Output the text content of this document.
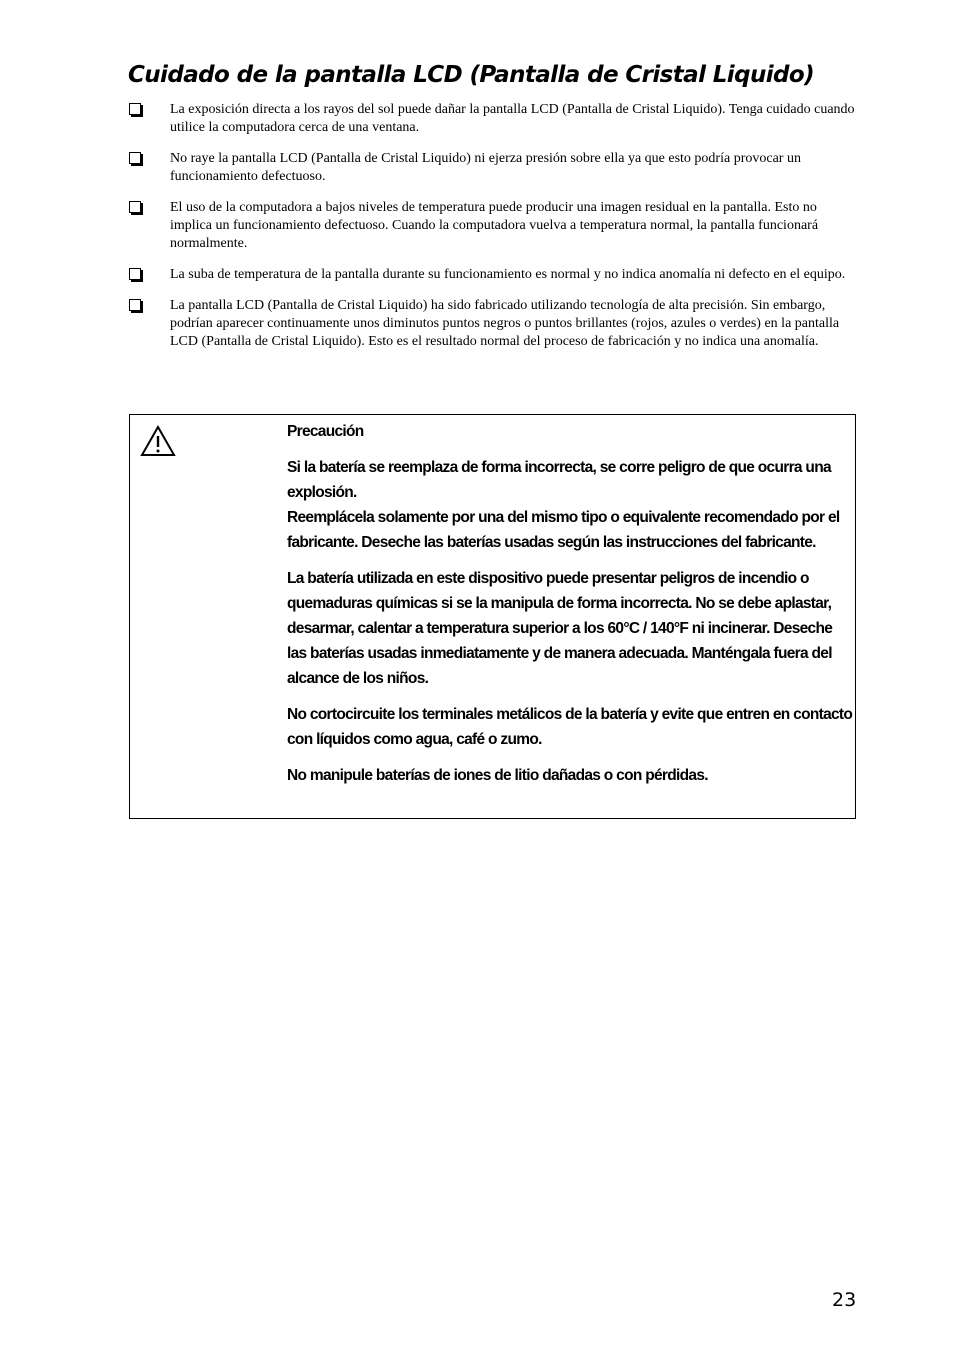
Cuidado de la pantalla LCD (Pantalla de Cristal Liquido)
La exposición directa a los rayos del sol puede dañar la pantalla LCD (Pantalla de Cristal Liquido). Tenga cuidado cuando utilice la computadora cerca de una ventana.
No raye la pantalla LCD (Pantalla de Cristal Liquido) ni ejerza presión sobre ella ya que esto podría provocar un funcionamiento defectuoso.
El uso de la computadora a bajos niveles de temperatura puede producir una imagen residual en la pantalla. Esto no implica un funcionamiento defectuoso. Cuando la computadora vuelva a temperatura normal, la pantalla funcionará normalmente.
La suba de temperatura de la pantalla durante su funcionamiento es normal y no indica anomalía ni defecto en el equipo.
La pantalla LCD (Pantalla de Cristal Liquido) ha sido fabricado utilizando tecnología de alta precisión. Sin embargo, podrían aparecer continuamente unos diminutos puntos negros o puntos brillantes (rojos, azules o verdes) en la pantalla LCD (Pantalla de Cristal Liquido). Esto es el resultado normal del proceso de fabricación y no indica una anomalía.

Precaución

Si la batería se reemplaza de forma incorrecta, se corre peligro de que ocurra una explosión.

Reemplácela solamente por una del mismo tipo o equivalente recomendado por el fabricante. Deseche las baterías usadas según las instrucciones del fabricante.

La batería utilizada en este dispositivo puede presentar peligros de incendio o quemaduras químicas si se la manipula de forma incorrecta. No se debe aplastar, desarmar, calentar a temperatura superior a los 60°C / 140°F ni incinerar. Deseche las baterías usadas inmediatamente y de manera adecuada. Manténgala fuera del alcance de los niños.

No cortocircuite los terminales metálicos de la batería y evite que entren en contacto con líquidos como agua, café o zumo.

No manipule baterías de iones de litio dañadas o con pérdidas.

23
